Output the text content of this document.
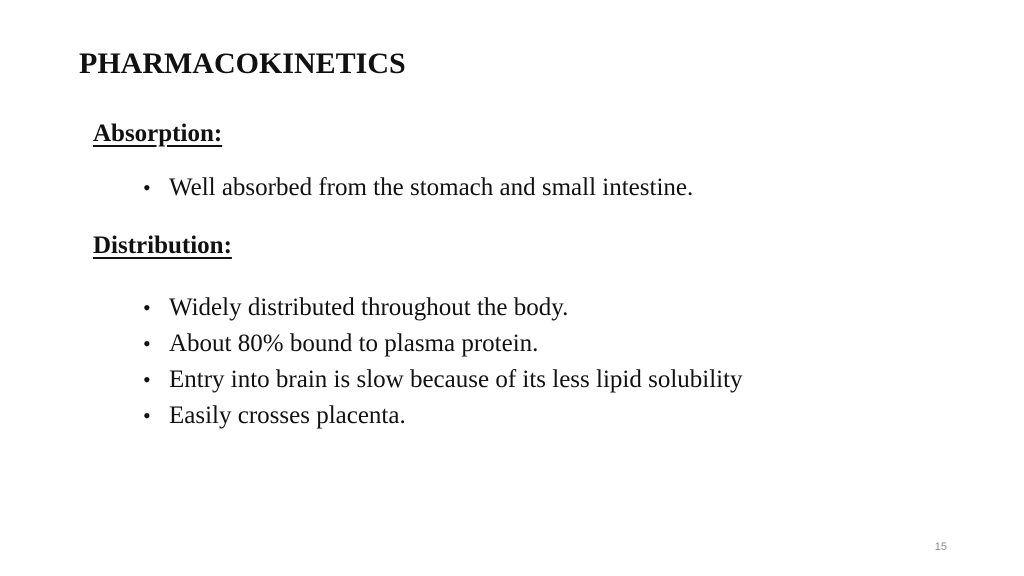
PHARMACOKINETICS
Absorption:
• Well absorbed from the stomach and small intestine.
Distribution:
• Widely distributed throughout the body.
• About 80% bound to plasma protein.
• Entry into brain is slow because of its less lipid solubility
• Easily crosses placenta.
15
